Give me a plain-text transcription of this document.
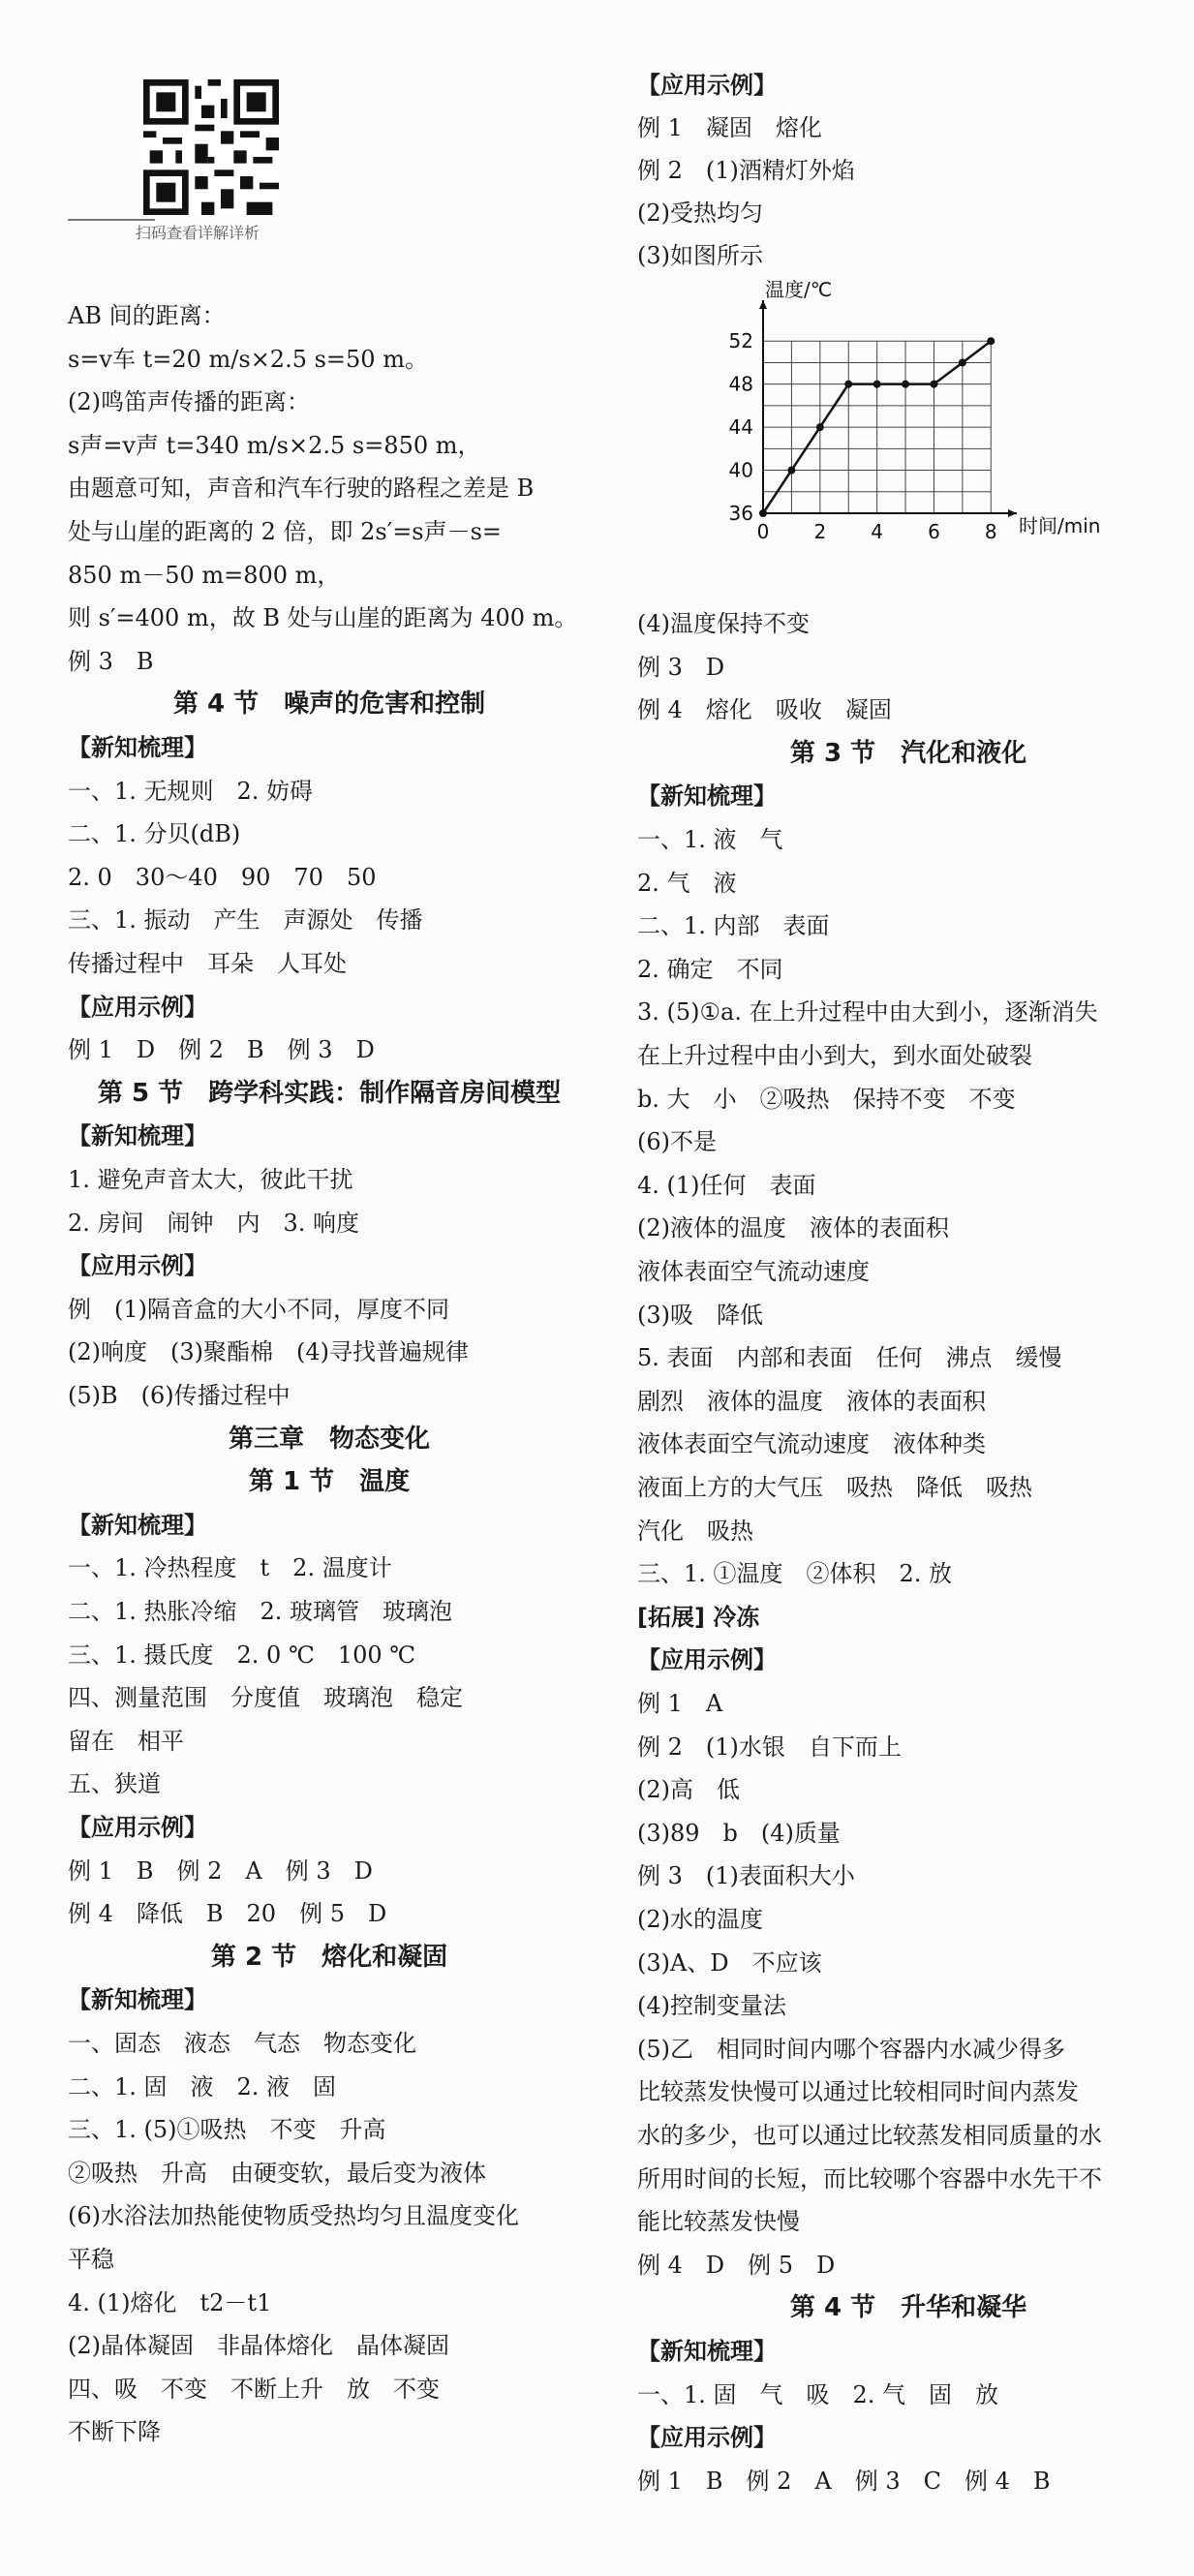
扫码查看详解详析
AB 间的距离：
s=v车 t=20 m/s×2.5 s=50 m。
(2)鸣笛声传播的距离：
s声=v声 t=340 m/s×2.5 s=850 m，
由题意可知，声音和汽车行驶的路程之差是 B
处与山崖的距离的 2 倍，即 2s′=s声－s=
850 m－50 m=800 m，
则 s′=400 m，故 B 处与山崖的距离为 400 m。
例 3　B
第 4 节　噪声的危害和控制
【新知梳理】
一、1. 无规则　2. 妨碍
二、1. 分贝(dB)
2. 0　30～40　90　70　50
三、1. 振动　产生　声源处　传播
传播过程中　耳朵　人耳处
【应用示例】
例 1　D　例 2　B　例 3　D
第 5 节　跨学科实践：制作隔音房间模型
【新知梳理】
1. 避免声音太大，彼此干扰
2. 房间　闹钟　内　3. 响度
【应用示例】
例　(1)隔音盒的大小不同，厚度不同
(2)响度　(3)聚酯棉　(4)寻找普遍规律
(5)B　(6)传播过程中
第三章　物态变化
第 1 节　温度
【新知梳理】
一、1. 冷热程度　t　2. 温度计
二、1. 热胀冷缩　2. 玻璃管　玻璃泡
三、1. 摄氏度　2. 0 ℃　100 ℃
四、测量范围　分度值　玻璃泡　稳定
留在　相平
五、狭道
【应用示例】
例 1　B　例 2　A　例 3　D
例 4　降低　B　20　例 5　D
第 2 节　熔化和凝固
【新知梳理】
一、固态　液态　气态　物态变化
二、1. 固　液　2. 液　固
三、1. (5)①吸热　不变　升高
②吸热　升高　由硬变软，最后变为液体
(6)水浴法加热能使物质受热均匀且温度变化
平稳
4. (1)熔化　t2－t1
(2)晶体凝固　非晶体熔化　晶体凝固
四、吸　不变　不断上升　放　不变
不断下降
【应用示例】
例 1　凝固　熔化
例 2　(1)酒精灯外焰
(2)受热均匀
(3)如图所示
0 2 4 6 8
36
40
44
48
52
温度/℃
时间/min
(4)温度保持不变
例 3　D
例 4　熔化　吸收　凝固
第 3 节　汽化和液化
【新知梳理】
一、1. 液　气
2. 气　液
二、1. 内部　表面
2. 确定　不同
3. (5)①a. 在上升过程中由大到小，逐渐消失
在上升过程中由小到大，到水面处破裂
b. 大　小　②吸热　保持不变　不变
(6)不是
4. (1)任何　表面
(2)液体的温度　液体的表面积
液体表面空气流动速度
(3)吸　降低
5. 表面　内部和表面　任何　沸点　缓慢
剧烈　液体的温度　液体的表面积
液体表面空气流动速度　液体种类
液面上方的大气压　吸热　降低　吸热
汽化　吸热
三、1. ①温度　②体积　2. 放
[拓展] 冷冻
【应用示例】
例 1　A
例 2　(1)水银　自下而上
(2)高　低
(3)89　b　(4)质量
例 3　(1)表面积大小
(2)水的温度
(3)A、D　不应该
(4)控制变量法
(5)乙　相同时间内哪个容器内水减少得多
比较蒸发快慢可以通过比较相同时间内蒸发
水的多少，也可以通过比较蒸发相同质量的水
所用时间的长短，而比较哪个容器中水先干不
能比较蒸发快慢
例 4　D　例 5　D
第 4 节　升华和凝华
【新知梳理】
一、1. 固　气　吸　2. 气　固　放
【应用示例】
例 1　B　例 2　A　例 3　C　例 4　B
